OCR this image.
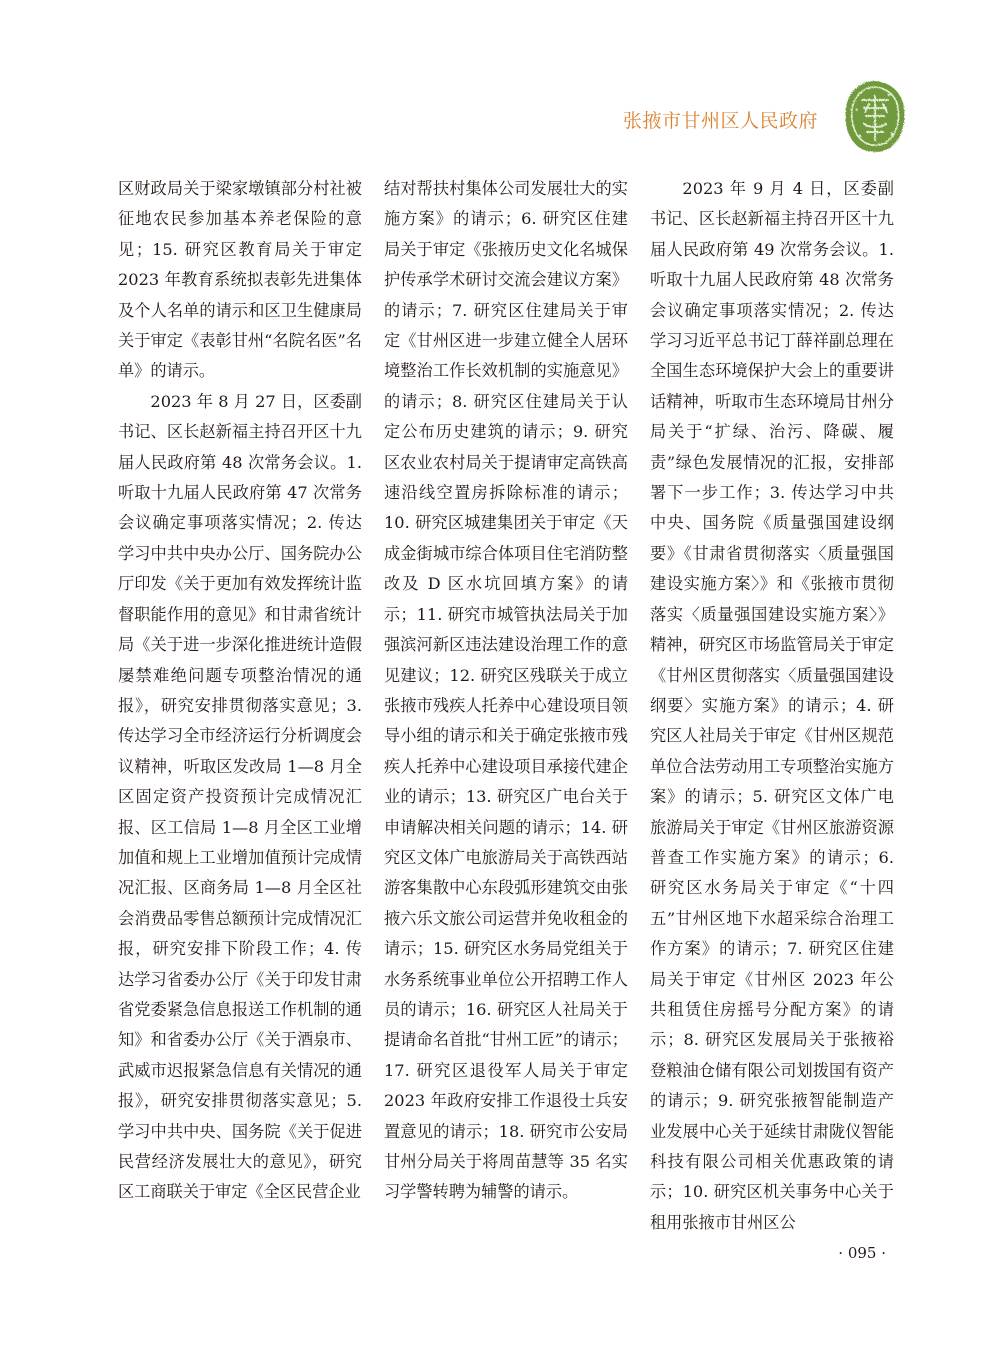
张掖市甘州区人民政府

区财政局关于梁家墩镇部分村社被征地农民参加基本养老保险的意见；15. 研究区教育局关于审定 2023 年教育系统拟表彰先进集体及个人名单的请示和区卫生健康局关于审定《表彰甘州“名院名医”名单》的请示。

2023 年 8 月 27 日，区委副书记、区长赵新福主持召开区十九届人民政府第 48 次常务会议。1. 听取十九届人民政府第 47 次常务会议确定事项落实情况；2. 传达学习中共中央办公厅、国务院办公厅印发《关于更加有效发挥统计监督职能作用的意见》和甘肃省统计局《关于进一步深化推进统计造假屡禁难绝问题专项整治情况的通报》，研究安排贯彻落实意见；3. 传达学习全市经济运行分析调度会议精神，听取区发改局 1—8 月全区固定资产投资预计完成情况汇报、区工信局 1—8 月全区工业增加值和规上工业增加值预计完成情况汇报、区商务局 1—8 月全区社会消费品零售总额预计完成情况汇报，研究安排下阶段工作；4. 传达学习省委办公厅《关于印发甘肃省党委紧急信息报送工作机制的通知》和省委办公厅《关于酒泉市、武威市迟报紧急信息有关情况的通报》，研究安排贯彻落实意见；5. 学习中共中央、国务院《关于促进民营经济发展壮大的意见》，研究区工商联关于审定《全区民营企业

结对帮扶村集体公司发展壮大的实施方案》的请示；6. 研究区住建局关于审定《张掖历史文化名城保护传承学术研讨交流会建议方案》的请示；7. 研究区住建局关于审定《甘州区进一步建立健全人居环境整治工作长效机制的实施意见》的请示；8. 研究区住建局关于认定公布历史建筑的请示；9. 研究区农业农村局关于提请审定高铁高速沿线空置房拆除标准的请示；10. 研究区城建集团关于审定《天成金街城市综合体项目住宅消防整改及 D 区水坑回填方案》的请示；11. 研究市城管执法局关于加强滨河新区违法建设治理工作的意见建议；12. 研究区残联关于成立张掖市残疾人托养中心建设项目领导小组的请示和关于确定张掖市残疾人托养中心建设项目承接代建企业的请示；13. 研究区广电台关于申请解决相关问题的请示；14. 研究区文体广电旅游局关于高铁西站游客集散中心东段弧形建筑交由张掖六乐文旅公司运营并免收租金的请示；15. 研究区水务局党组关于水务系统事业单位公开招聘工作人员的请示；16. 研究区人社局关于提请命名首批“甘州工匠”的请示；17. 研究区退役军人局关于审定 2023 年政府安排工作退役士兵安置意见的请示；18. 研究市公安局甘州分局关于将周苗慧等 35 名实习学警转聘为辅警的请示。

2023 年 9 月 4 日，区委副书记、区长赵新福主持召开区十九届人民政府第 49 次常务会议。1. 听取十九届人民政府第 48 次常务会议确定事项落实情况；2. 传达学习习近平总书记丁薛祥副总理在全国生态环境保护大会上的重要讲话精神，听取市生态环境局甘州分局关于“扩绿、治污、降碳、履责”绿色发展情况的汇报，安排部署下一步工作；3. 传达学习中共中央、国务院《质量强国建设纲要》《甘肃省贯彻落实〈质量强国建设实施方案〉》和《张掖市贯彻落实〈质量强国建设实施方案〉》精神，研究区市场监管局关于审定《甘州区贯彻落实〈质量强国建设纲要〉实施方案》的请示；4. 研究区人社局关于审定《甘州区规范单位合法劳动用工专项整治实施方案》的请示；5. 研究区文体广电旅游局关于审定《甘州区旅游资源普查工作实施方案》的请示；6. 研究区水务局关于审定《“十四五”甘州区地下水超采综合治理工作方案》的请示；7. 研究区住建局关于审定《甘州区 2023 年公共租赁住房摇号分配方案》的请示；8. 研究区发展局关于张掖裕登粮油仓储有限公司划拨国有资产的请示；9. 研究张掖智能制造产业发展中心关于延续甘肃陇仪智能科技有限公司相关优惠政策的请示；10. 研究区机关事务中心关于租用张掖市甘州区公

· 095 ·
